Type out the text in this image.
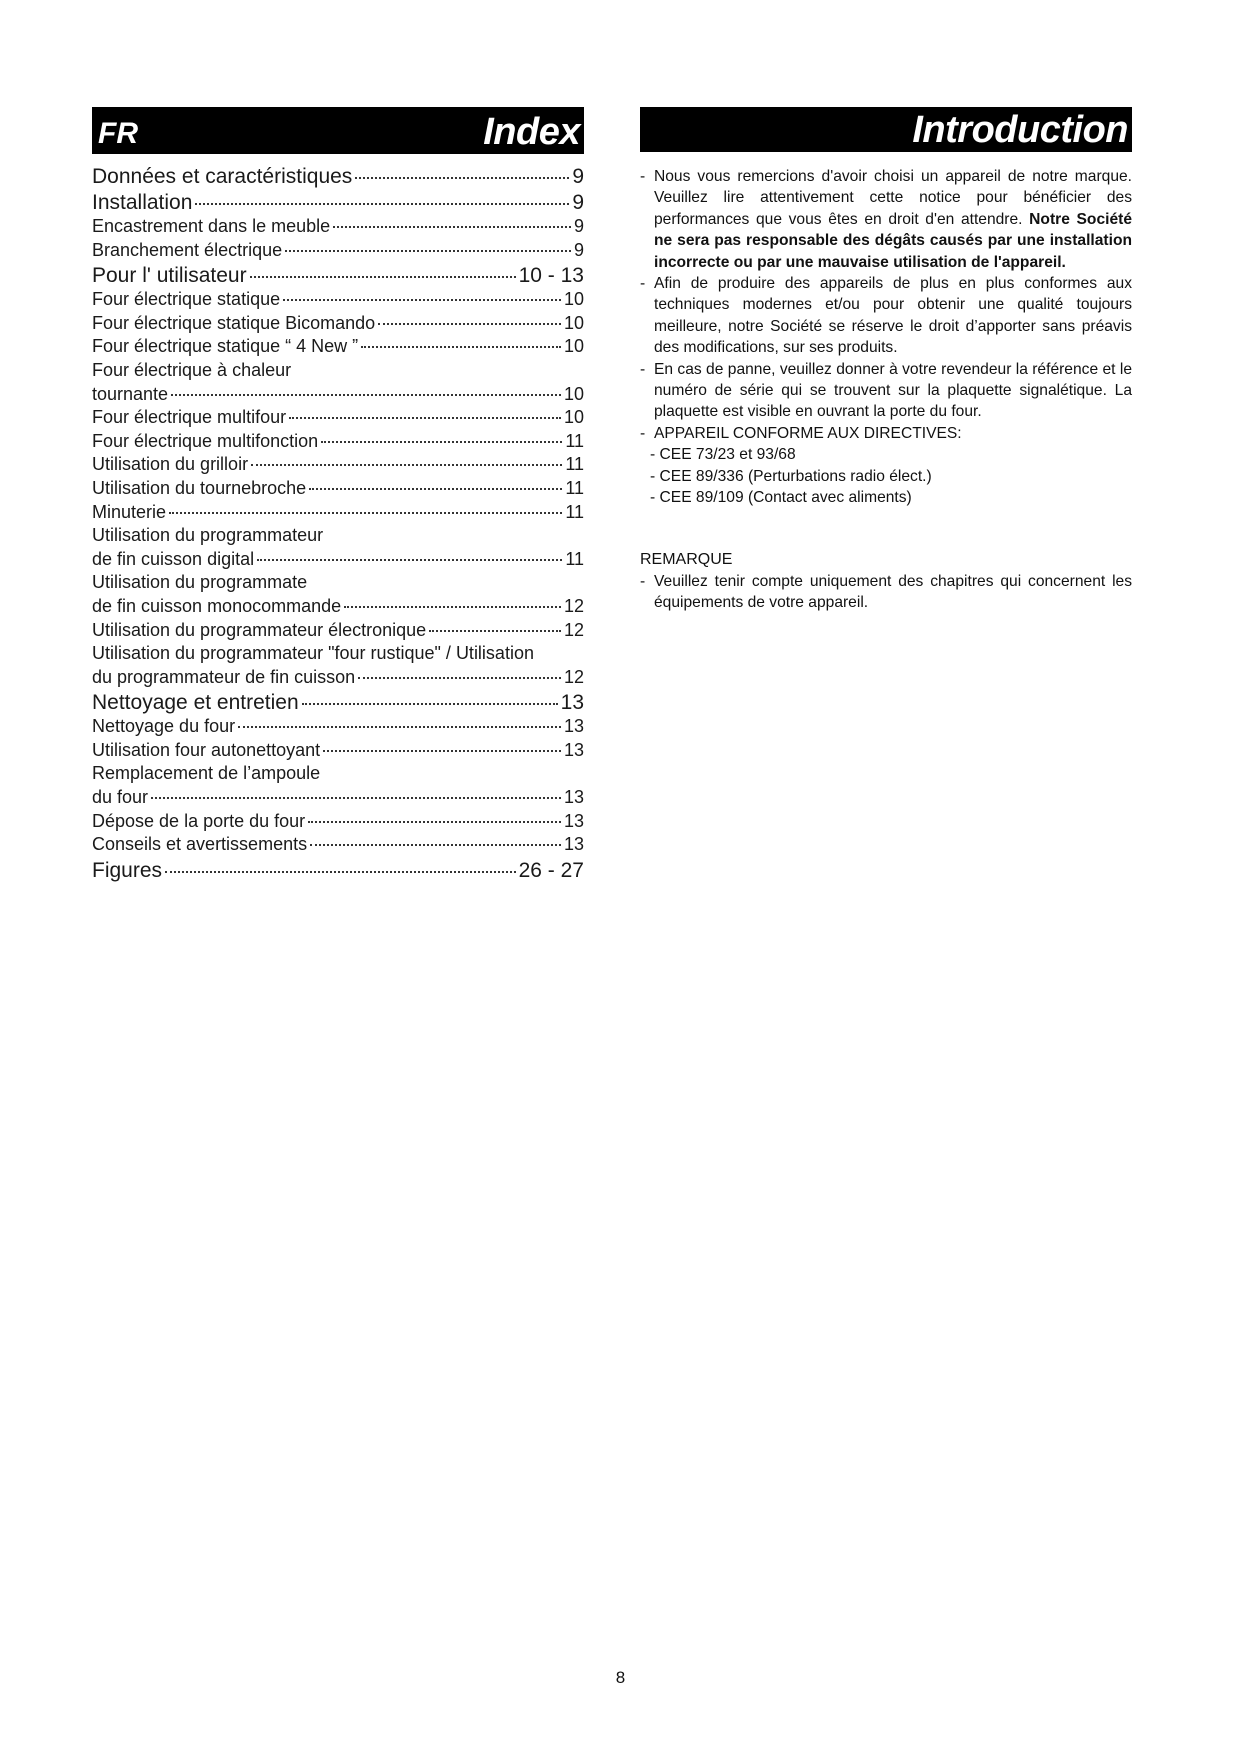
FR	Index
Données et caractéristiques	9
Installation	9
Encastrement dans le meuble	9
Branchement électrique	9
Pour l' utilisateur	10 - 13
Four électrique statique	10
Four électrique statique Bicomando	10
Four électrique statique “ 4 New ”	10
Four électrique à chaleur
tournante	10
Four électrique multifour	10
Four électrique multifonction	11
Utilisation du grilloir	11
Utilisation du tournebroche	11
Minuterie	11
Utilisation du programmateur
de fin cuisson digital	11
Utilisation du programmate
de fin cuisson monocommande	12
Utilisation du programmateur électronique	12
Utilisation du programmateur "four rustique" / Utilisation
du programmateur de fin cuisson	12
Nettoyage et entretien	13
Nettoyage du four	13
Utilisation four autonettoyant	13
Remplacement de l’ampoule
du four	13
Dépose de la porte du four	13
Conseils et avertissements	13
Figures	26 - 27
Introduction
- Nous vous remercions d'avoir choisi un appareil de notre marque. Veuillez lire attentivement cette notice pour bénéficier des performances que vous êtes en droit d'en attendre. Notre Société ne sera pas responsable des dégâts causés par une installation incorrecte ou par une mauvaise utilisation de l'appareil.
- Afin de produire des appareils de plus en plus conformes aux techniques modernes et/ou pour obtenir une qualité toujours meilleure, notre Société se réserve le droit d’apporter sans préavis des modifications, sur ses produits.
- En cas de panne, veuillez donner à votre revendeur la référence et le numéro de série qui se trouvent sur la plaquette signalétique. La plaquette est visible en ouvrant la porte du four.
- APPAREIL CONFORME AUX DIRECTIVES:
- CEE 73/23 et 93/68
- CEE 89/336 (Perturbations radio élect.)
- CEE 89/109 (Contact avec aliments)
REMARQUE
- Veuillez tenir compte uniquement des chapitres qui concernent les équipements de votre appareil.
8
